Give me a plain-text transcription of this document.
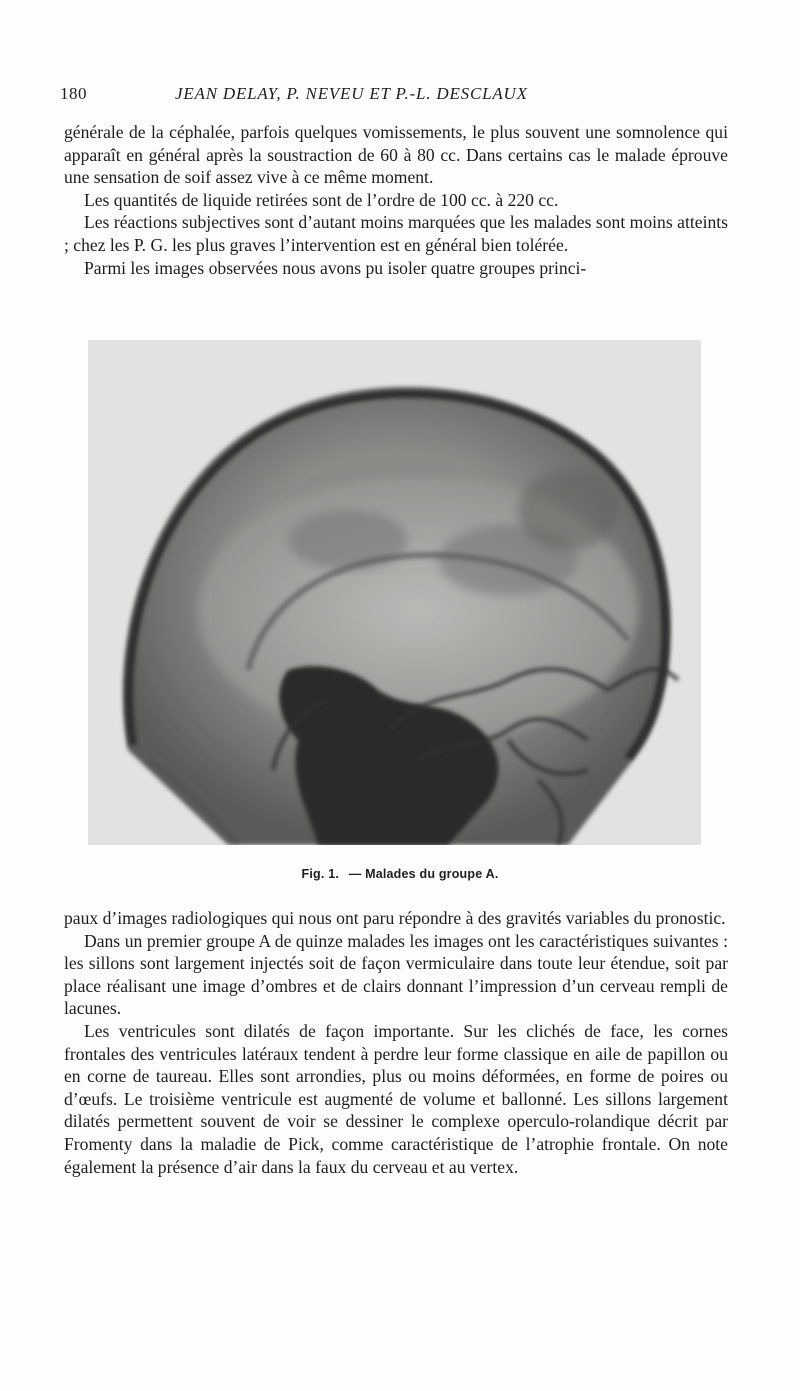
180	JEAN DELAY, P. NEVEU ET P.-L. DESCLAUX

générale de la céphalée, parfois quelques vomissements, le plus souvent une somnolence qui apparaît en général après la soustraction de 60 à 80 cc. Dans certains cas le malade éprouve une sensation de soif assez vive à ce même moment.

Les quantités de liquide retirées sont de l’ordre de 100 cc. à 220 cc.

Les réactions subjectives sont d’autant moins marquées que les malades sont moins atteints ; chez les P. G. les plus graves l’intervention est en général bien tolérée.

Parmi les images observées nous avons pu isoler quatre groupes princi-

Fig. 1. — Malades du groupe A.

paux d’images radiologiques qui nous ont paru répondre à des gravités variables du pronostic.

Dans un premier groupe A de quinze malades les images ont les caractéristiques suivantes : les sillons sont largement injectés soit de façon vermiculaire dans toute leur étendue, soit par place réalisant une image d’ombres et de clairs donnant l’impression d’un cerveau rempli de lacunes.

Les ventricules sont dilatés de façon importante. Sur les clichés de face, les cornes frontales des ventricules latéraux tendent à perdre leur forme classique en aile de papillon ou en corne de taureau. Elles sont arrondies, plus ou moins déformées, en forme de poires ou d’œufs. Le troisième ventricule est augmenté de volume et ballonné. Les sillons largement dilatés permettent souvent de voir se dessiner le complexe operculo-rolandique décrit par Fromenty dans la maladie de Pick, comme caractéristique de l’atrophie frontale. On note également la présence d’air dans la faux du cerveau et au vertex.
